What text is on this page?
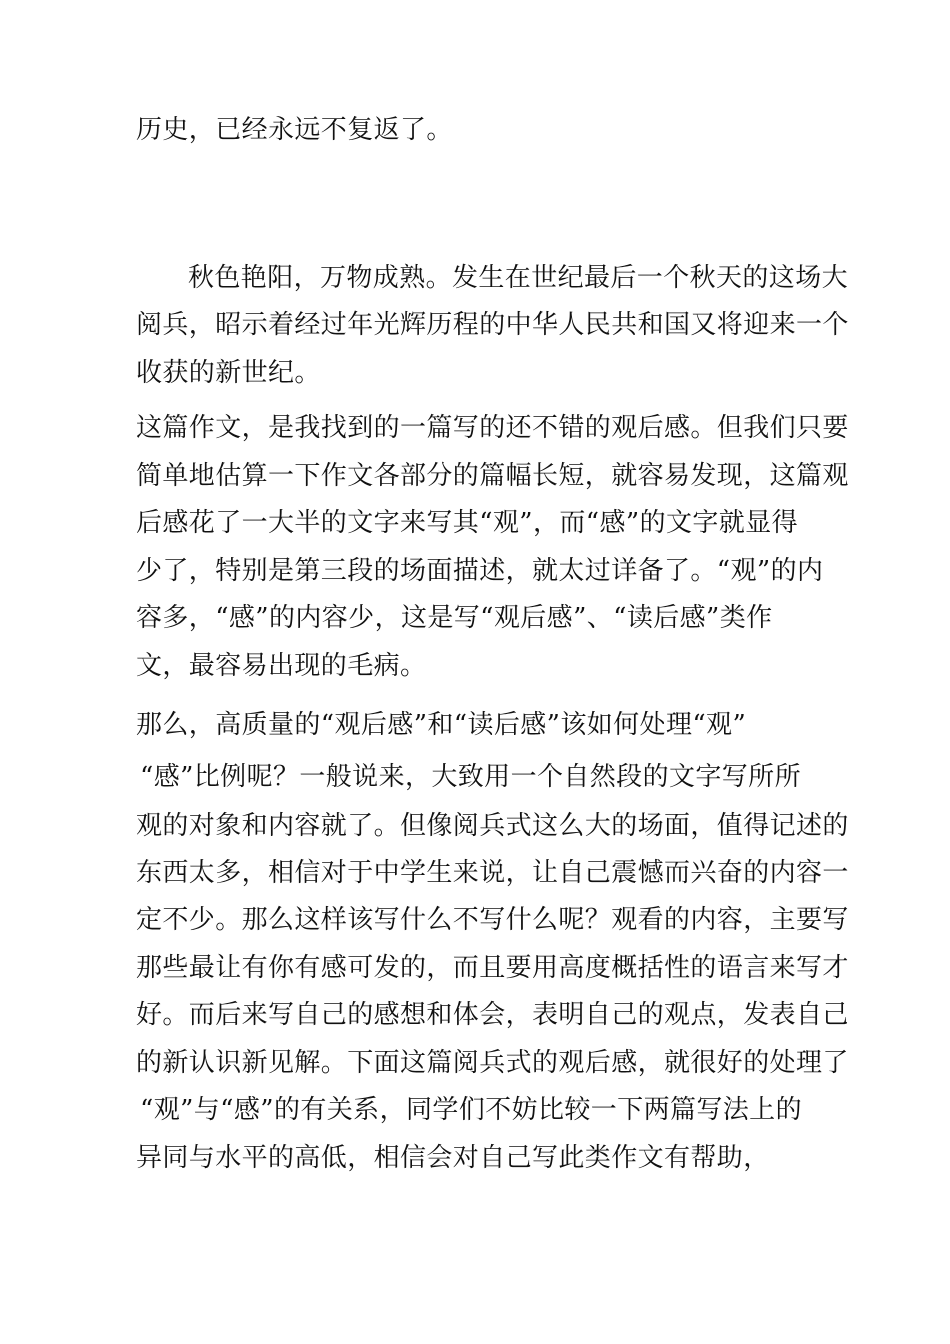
历史，已经永远不复返了。
秋色艳阳，万物成熟。发生在世纪最后一个秋天的这场大
阅兵，昭示着经过年光辉历程的中华人民共和国又将迎来一个
收获的新世纪。
这篇作文，是我找到的一篇写的还不错的观后感。但我们只要
简单地估算一下作文各部分的篇幅长短，就容易发现，这篇观
后感花了一大半的文字来写其“观”，而“感”的文字就显得
少了，特别是第三段的场面描述，就太过详备了。“观”的内
容多，“感”的内容少，这是写“观后感”、“读后感”类作
文，最容易出现的毛病。
那么，高质量的“观后感”和“读后感”该如何处理“观”
“感”比例呢？一般说来，大致用一个自然段的文字写所所
观的对象和内容就了。但像阅兵式这么大的场面，值得记述的
东西太多，相信对于中学生来说，让自己震憾而兴奋的内容一
定不少。那么这样该写什么不写什么呢？观看的内容，主要写
那些最让有你有感可发的，而且要用高度概括性的语言来写才
好。而后来写自己的感想和体会，表明自己的观点，发表自己
的新认识新见解。下面这篇阅兵式的观后感，就很好的处理了
“观”与“感”的有关系，同学们不妨比较一下两篇写法上的
异同与水平的高低，相信会对自己写此类作文有帮助，
